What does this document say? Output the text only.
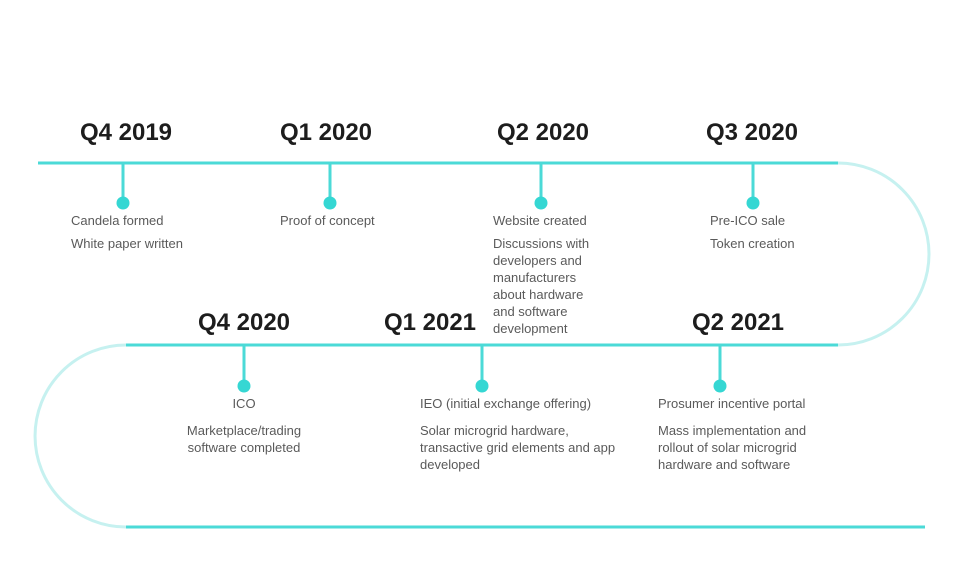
Q4 2019	Q1 2020	Q2 2020	Q3 2020
Q4 2020	Q1 2021	Q2 2021

Candela formed

White paper written

Proof of concept	Website created

Discussions with developers and manufacturers about hardware and software development

Pre-ICO sale

Token creation

ICO

Marketplace/trading software completed

IEO (initial exchange offering)

Solar microgrid hardware, transactive grid elements and app developed

Prosumer incentive portal

Mass implementation and rollout of solar microgrid hardware and software
